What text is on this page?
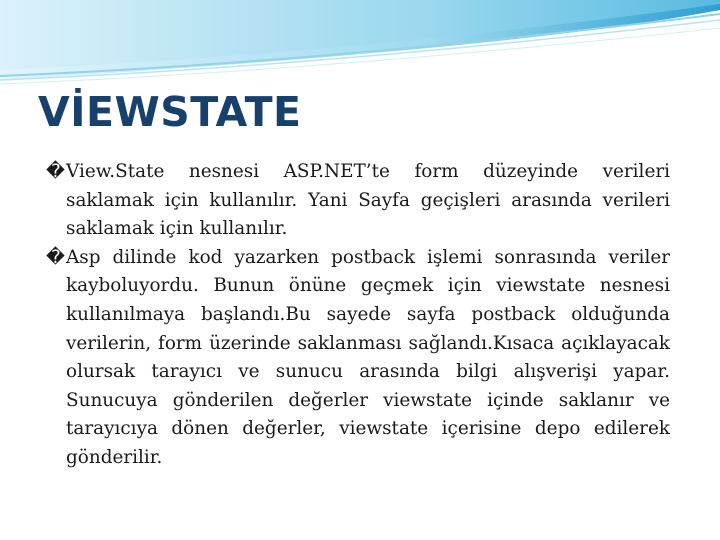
VİEWSTATE

�View.State nesnesi ASP.NET’te form düzeyinde verileri saklamak için kullanılır. Yani Sayfa geçişleri arasında verileri saklamak için kullanılır.

�Asp dilinde kod yazarken postback işlemi sonrasında veriler kayboluyordu. Bunun önüne geçmek için viewstate nesnesi kullanılmaya başlandı.Bu sayede sayfa postback olduğunda verilerin, form üzerinde saklanması sağlandı.Kısaca açıklayacak olursak tarayıcı ve sunucu arasında bilgi alışverişi yapar. Sunucuya gönderilen değerler viewstate içinde saklanır ve tarayıcıya dönen değerler, viewstate içerisine depo edilerek gönderilir.
